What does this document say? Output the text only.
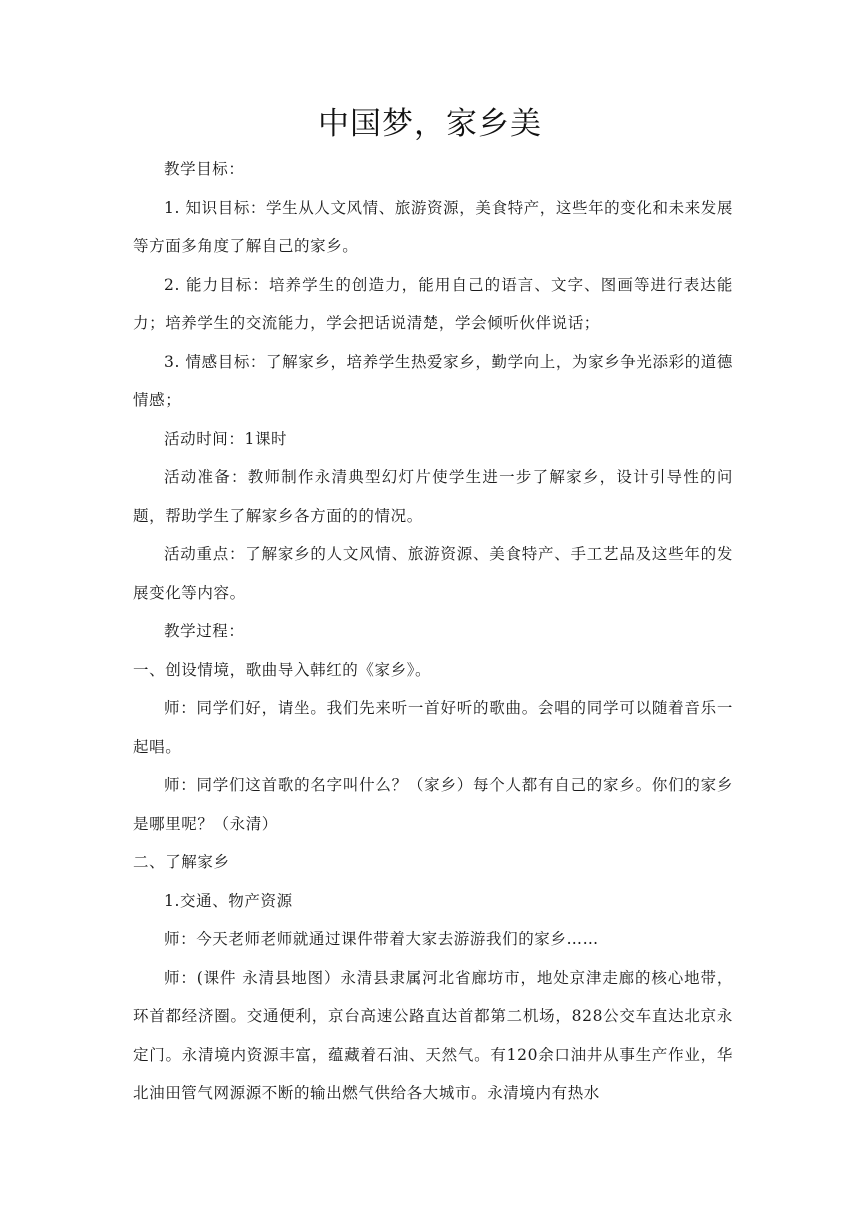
中国梦，家乡美

教学目标：

1. 知识目标：学生从人文风情、旅游资源，美食特产，这些年的变化和未来发展等方面多角度了解自己的家乡。

2. 能力目标：培养学生的创造力，能用自己的语言、文字、图画等进行表达能力；培养学生的交流能力，学会把话说清楚，学会倾听伙伴说话；

3. 情感目标：了解家乡，培养学生热爱家乡，勤学向上，为家乡争光添彩的道德情感；

活动时间：1课时

活动准备：教师制作永清典型幻灯片使学生进一步了解家乡，设计引导性的问题，帮助学生了解家乡各方面的的情况。

活动重点：了解家乡的人文风情、旅游资源、美食特产、手工艺品及这些年的发展变化等内容。

教学过程：

一、创设情境，歌曲导入韩红的《家乡》。

师：同学们好，请坐。我们先来听一首好听的歌曲。会唱的同学可以随着音乐一起唱。

师：同学们这首歌的名字叫什么？（家乡）每个人都有自己的家乡。你们的家乡是哪里呢？（永清）

二、了解家乡

1.交通、物产资源

师：今天老师老师就通过课件带着大家去游游我们的家乡……

师：(课件 永清县地图）永清县隶属河北省廊坊市，地处京津走廊的核心地带，环首都经济圈。交通便利，京台高速公路直达首都第二机场，828公交车直达北京永定门。永清境内资源丰富，蕴藏着石油、天然气。有120余口油井从事生产作业，华北油田管气网源源不断的输出燃气供给各大城市。永清境内有热水
